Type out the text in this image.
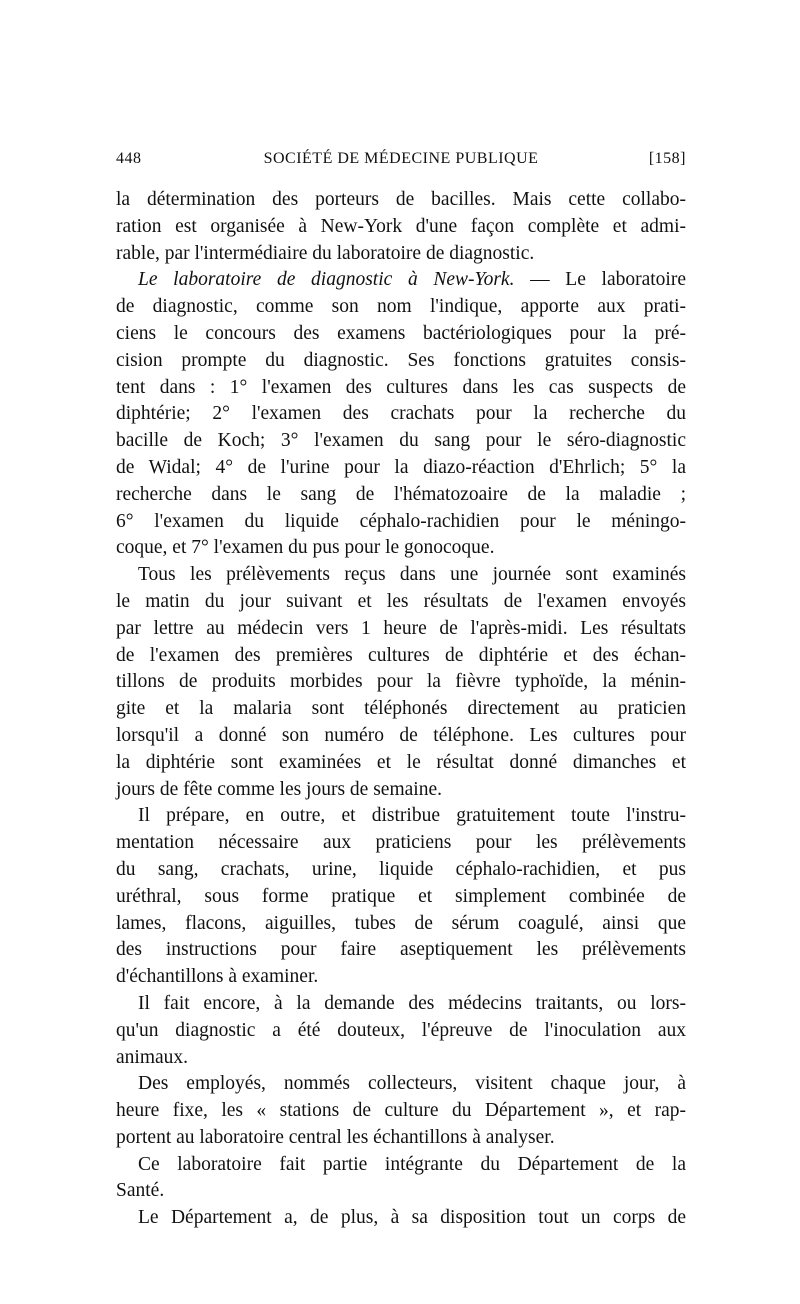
448	SOCIÉTÉ DE MÉDECINE PUBLIQUE	[158]
la détermination des porteurs de bacilles. Mais cette collabo-
ration est organisée à New-York d'une façon complète et admi-
rable, par l'intermédiaire du laboratoire de diagnostic.
Le laboratoire de diagnostic à New-York. — Le laboratoire
de diagnostic, comme son nom l'indique, apporte aux prati-
ciens le concours des examens bactériologiques pour la pré-
cision prompte du diagnostic. Ses fonctions gratuites consis-
tent dans : 1° l'examen des cultures dans les cas suspects de
diphtérie; 2° l'examen des crachats pour la recherche du
bacille de Koch; 3° l'examen du sang pour le séro-diagnostic
de Widal; 4° de l'urine pour la diazo-réaction d'Ehrlich; 5° la
recherche dans le sang de l'hématozoaire de la maladie ;
6° l'examen du liquide céphalo-rachidien pour le méningo-
coque, et 7° l'examen du pus pour le gonocoque.
Tous les prélèvements reçus dans une journée sont examinés
le matin du jour suivant et les résultats de l'examen envoyés
par lettre au médecin vers 1 heure de l'après-midi. Les résultats
de l'examen des premières cultures de diphtérie et des échan-
tillons de produits morbides pour la fièvre typhoïde, la ménin-
gite et la malaria sont téléphonés directement au praticien
lorsqu'il a donné son numéro de téléphone. Les cultures pour
la diphtérie sont examinées et le résultat donné dimanches et
jours de fête comme les jours de semaine.
Il prépare, en outre, et distribue gratuitement toute l'instru-
mentation nécessaire aux praticiens pour les prélèvements
du sang, crachats, urine, liquide céphalo-rachidien, et pus
uréthral, sous forme pratique et simplement combinée de
lames, flacons, aiguilles, tubes de sérum coagulé, ainsi que
des instructions pour faire aseptiquement les prélèvements
d'échantillons à examiner.
Il fait encore, à la demande des médecins traitants, ou lors-
qu'un diagnostic a été douteux, l'épreuve de l'inoculation aux
animaux.
Des employés, nommés collecteurs, visitent chaque jour, à
heure fixe, les « stations de culture du Département », et rap-
portent au laboratoire central les échantillons à analyser.
Ce laboratoire fait partie intégrante du Département de la
Santé.
Le Département a, de plus, à sa disposition tout un corps de
